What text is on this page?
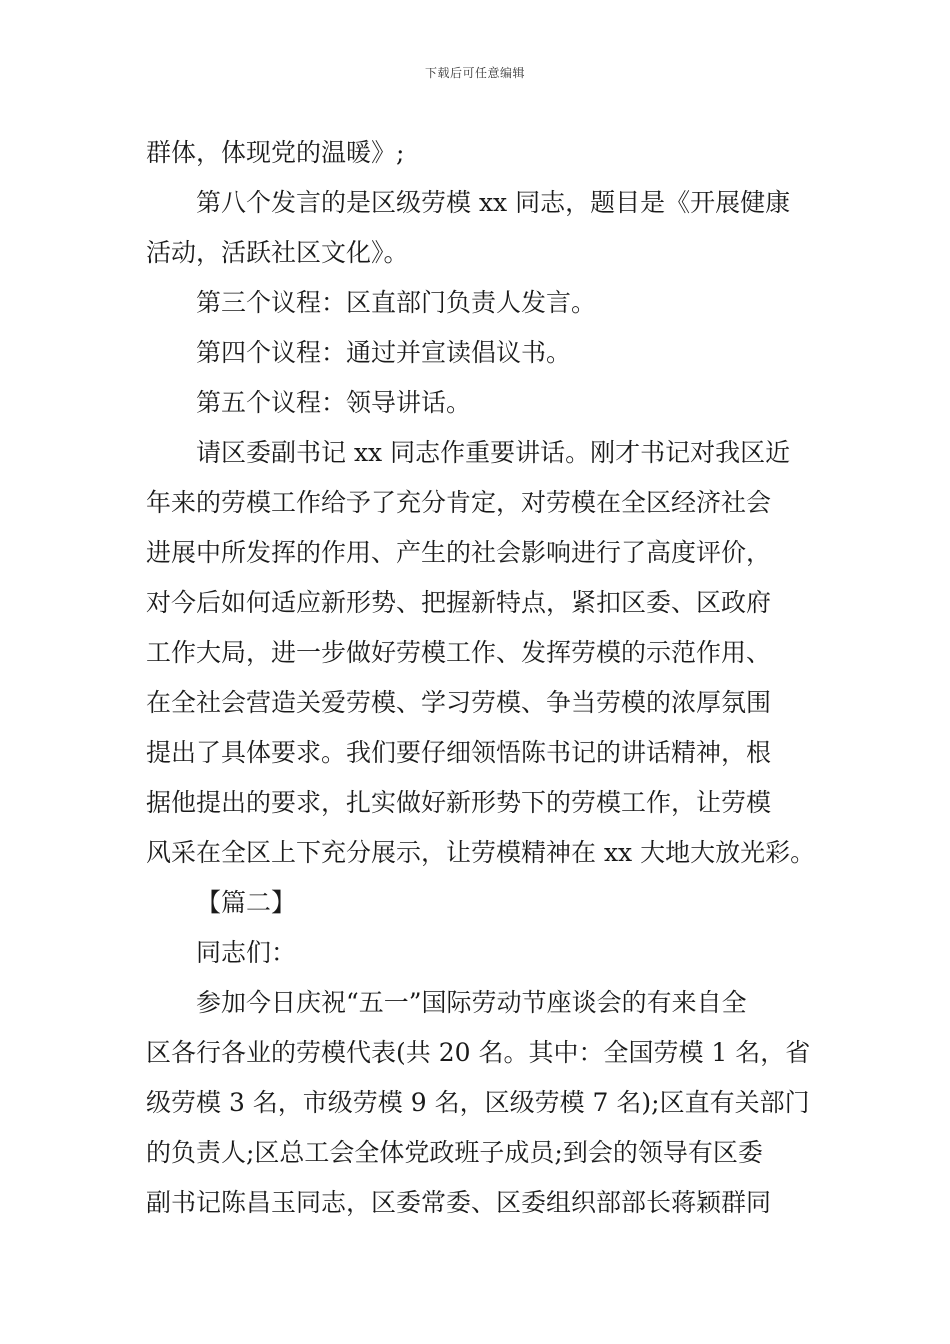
下载后可任意编辑
群体，体现党的温暖》;
第八个发言的是区级劳模 xx 同志，题目是《开展健康
活动，活跃社区文化》。
第三个议程：区直部门负责人发言。
第四个议程：通过并宣读倡议书。
第五个议程：领导讲话。
请区委副书记 xx 同志作重要讲话。刚才书记对我区近
年来的劳模工作给予了充分肯定，对劳模在全区经济社会
进展中所发挥的作用、产生的社会影响进行了高度评价，
对今后如何适应新形势、把握新特点，紧扣区委、区政府
工作大局，进一步做好劳模工作、发挥劳模的示范作用、
在全社会营造关爱劳模、学习劳模、争当劳模的浓厚氛围
提出了具体要求。我们要仔细领悟陈书记的讲话精神，根
据他提出的要求，扎实做好新形势下的劳模工作，让劳模
风采在全区上下充分展示，让劳模精神在 xx 大地大放光彩。
【篇二】
同志们：
参加今日庆祝“五一”国际劳动节座谈会的有来自全
区各行各业的劳模代表(共 20 名。其中：全国劳模 1 名，省
级劳模 3 名，市级劳模 9 名，区级劳模 7 名);区直有关部门
的负责人;区总工会全体党政班子成员;到会的领导有区委
副书记陈昌玉同志，区委常委、区委组织部部长蒋颖群同
